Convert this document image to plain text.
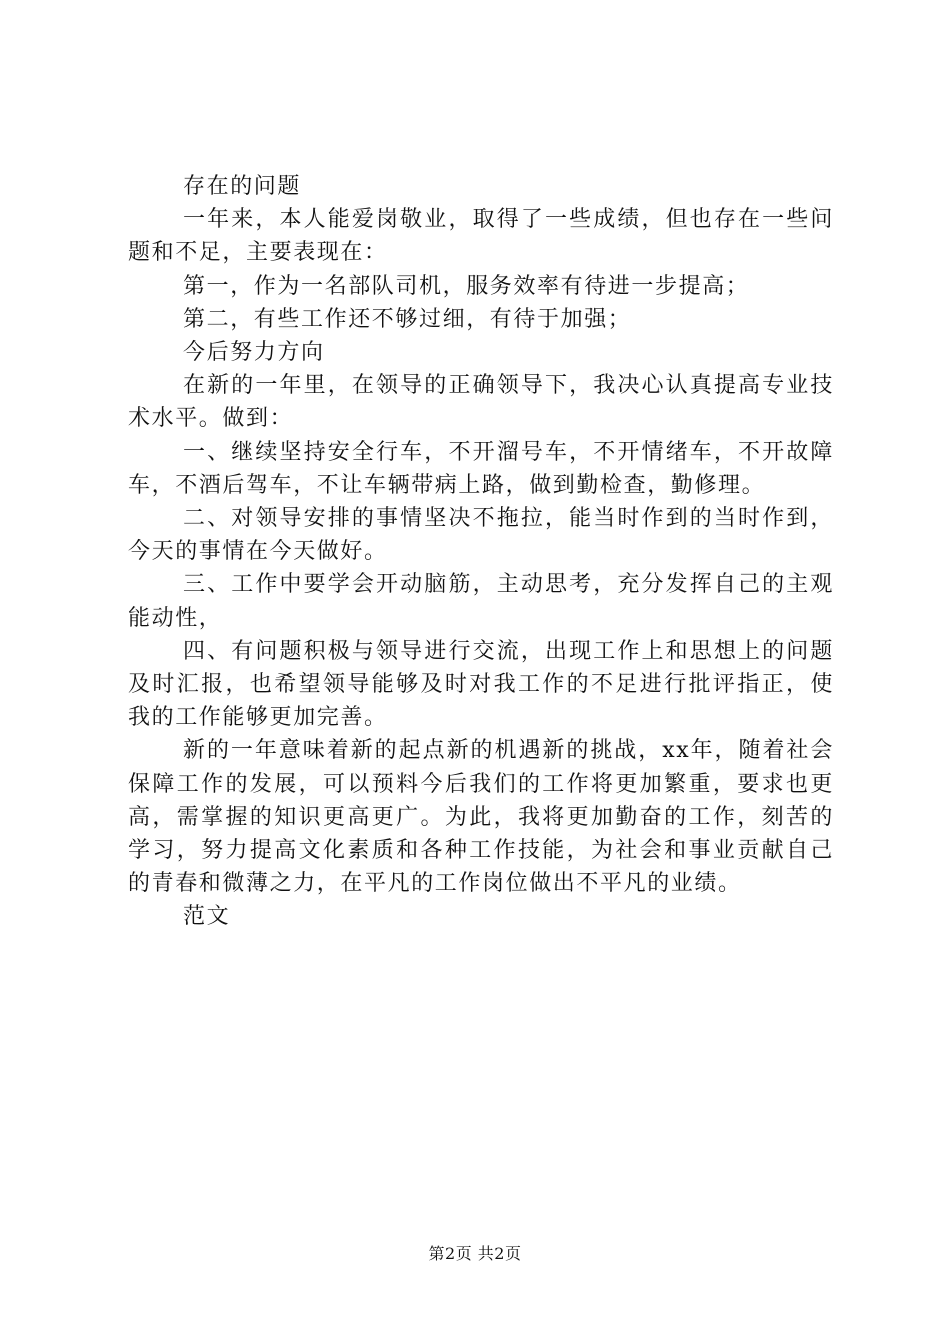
存在的问题

一年来，本人能爱岗敬业，取得了一些成绩，但也存在一些问题和不足，主要表现在：

第一，作为一名部队司机，服务效率有待进一步提高；

第二，有些工作还不够过细，有待于加强；

今后努力方向

在新的一年里，在领导的正确领导下，我决心认真提高专业技术水平。做到：

一、继续坚持安全行车，不开溜号车，不开情绪车，不开故障车，不酒后驾车，不让车辆带病上路，做到勤检查，勤修理。

二、对领导安排的事情坚决不拖拉，能当时作到的当时作到，今天的事情在今天做好。

三、工作中要学会开动脑筋，主动思考，充分发挥自己的主观能动性，

四、有问题积极与领导进行交流，出现工作上和思想上的问题及时汇报，也希望领导能够及时对我工作的不足进行批评指正，使我的工作能够更加完善。

新的一年意味着新的起点新的机遇新的挑战，xx年，随着社会保障工作的发展，可以预料今后我们的工作将更加繁重，要求也更高，需掌握的知识更高更广。为此，我将更加勤奋的工作，刻苦的学习，努力提高文化素质和各种工作技能，为社会和事业贡献自己的青春和微薄之力，在平凡的工作岗位做出不平凡的业绩。

范文

第2页 共2页
